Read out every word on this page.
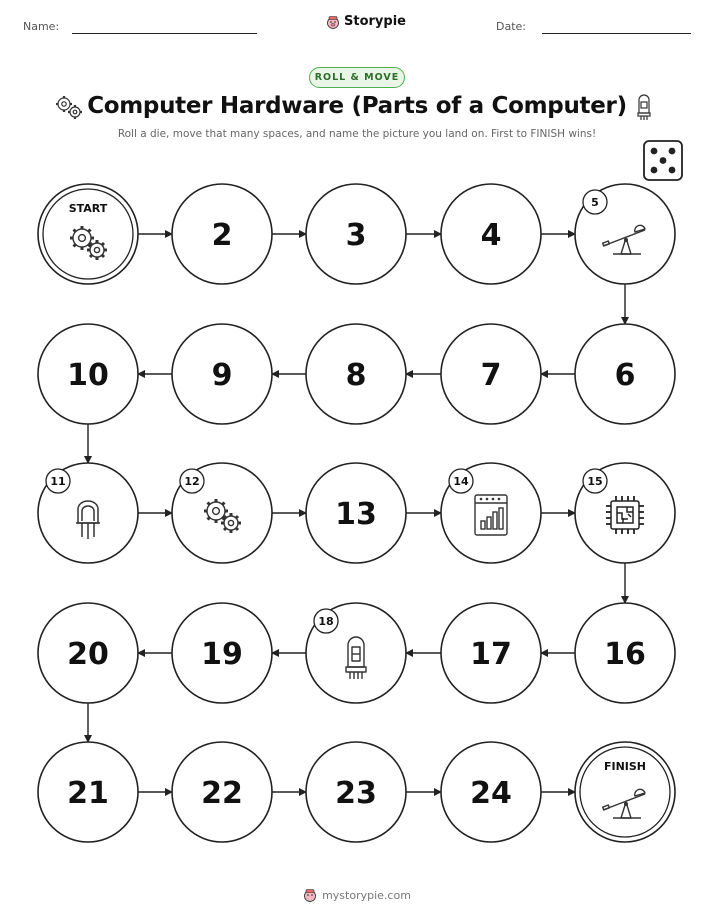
Name:	Storypie	Date:
ROLL & MOVE
Computer Hardware (Parts of a Computer)
Roll a die, move that many spaces, and name the picture you land on. First to FINISH wins!
START
2	3	4
5
6
7
8
9
10
11	12
13
14	15
16
17
18
19
20
21	22	23	24
FINISH
mystorypie.com
